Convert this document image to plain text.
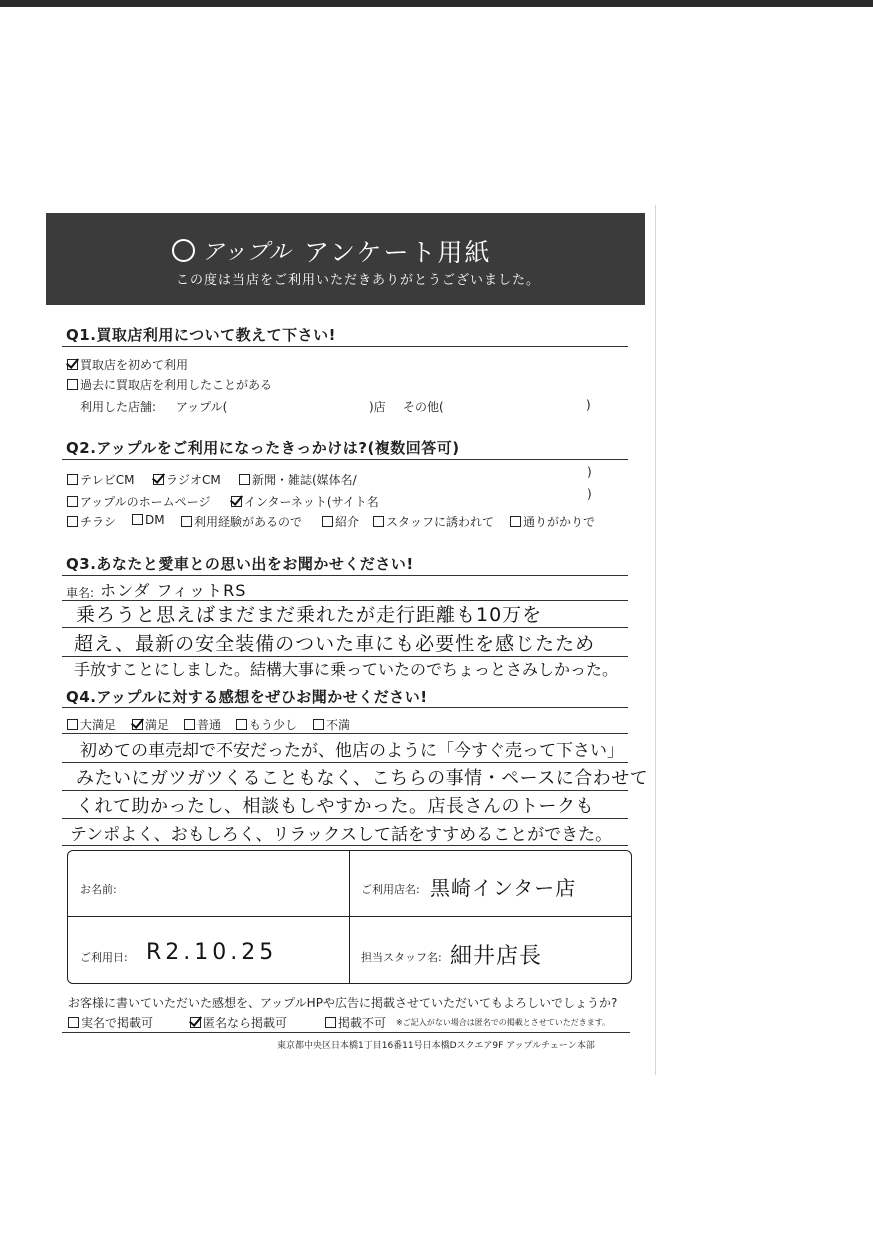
アップル アンケート用紙
この度は当店をご利用いただきありがとうございました。
Q1.買取店利用について教えて下さい!
買取店を初めて利用
過去に買取店を利用したことがある
利用した店舗: アップル(	)店 その他(	)
Q2.アップルをご利用になったきっかけは?(複数回答可)
テレビCM	ラジオCM	新聞・雑誌(媒体名/
)
アップルのホームページ	インターネット(サイト名
)
チラシ	DM	利用経験があるので	紹介	スタッフに誘われて	通りがかりで
Q3.あなたと愛車との思い出をお聞かせください!
車名: ホンダ フィットRS
乗ろうと思えばまだまだ乗れたが走行距離も10万を
超え、最新の安全装備のついた車にも必要性を感じたため
手放すことにしました。結構大事に乗っていたのでちょっとさみしかった。
Q4.アップルに対する感想をぜひお聞かせください!
大満足	満足	普通	もう少し	不満
初めての車売却で不安だったが、他店のように「今すぐ売って下さい」
みたいにガツガツくることもなく、こちらの事情・ペースに合わせて
くれて助かったし、相談もしやすかった。店長さんのトークも
テンポよく、おもしろく、リラックスして話をすすめることができた。
お名前:	ご利用店名: 黒崎インター店
ご利用日: R2.10.25	担当スタッフ名: 細井店長
お客様に書いていただいた感想を、アップルHPや広告に掲載させていただいてもよろしいでしょうか?
実名で掲載可	匿名なら掲載可	掲載不可 ※ご記入がない場合は匿名での掲載とさせていただきます。
東京都中央区日本橋1丁目16番11号日本橋Dスクエア9F アップルチェーン本部
